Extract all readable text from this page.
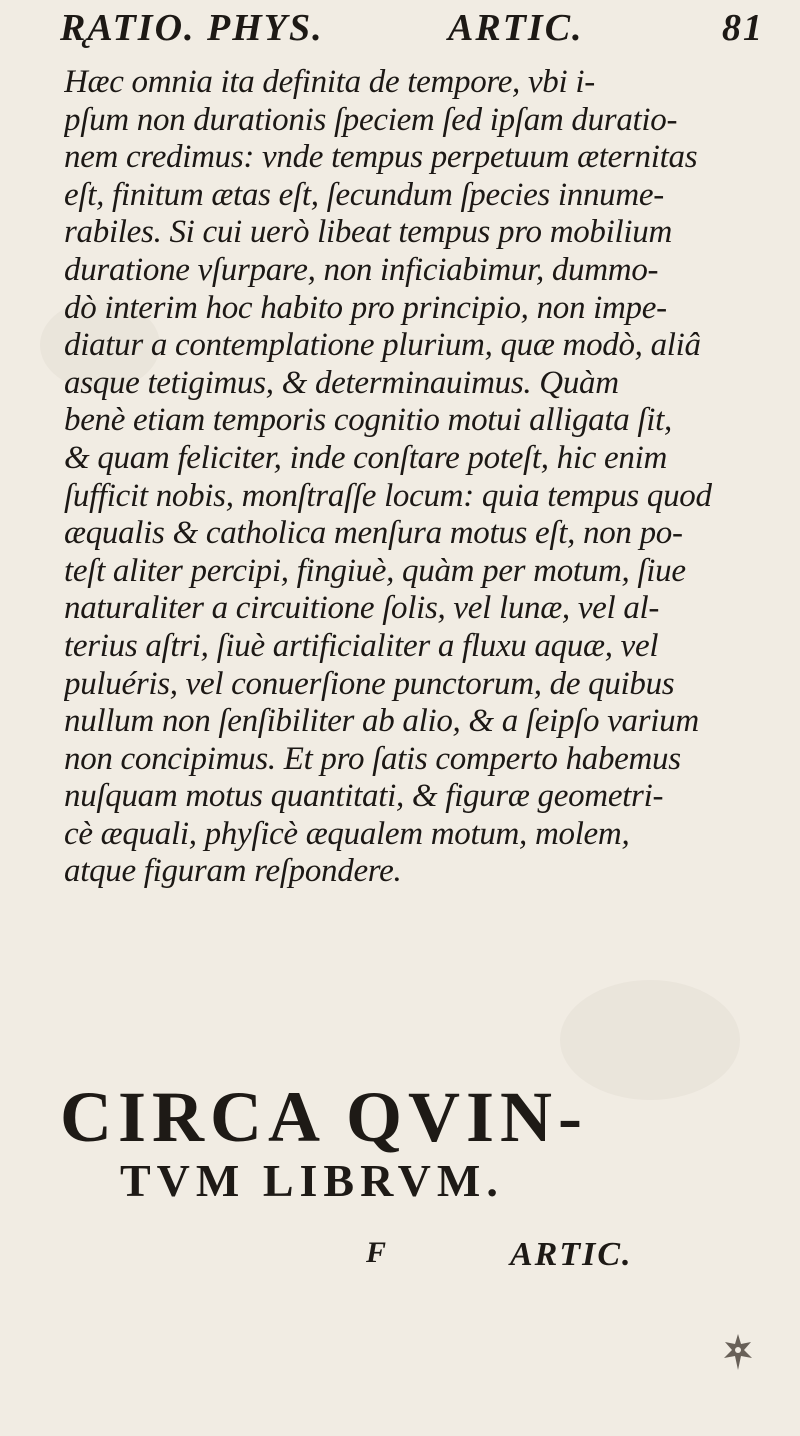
R̨ATIO. PHYS.	ARTIC.	81
Hæc omnia ita definita de tempore, vbi i-
pſum non durationis ſpeciem ſed ipſam duratio-
nem credimus: vnde tempus perpetuum æternitas
eſt, finitum ætas eſt, ſecundum ſpecies innume-
rabiles. Si cui uerò libeat tempus pro mobilium
duratione vſurpare, non inficiabimur, dummo-
dò interim hoc habito pro principio, non impe-
diatur a contemplatione plurium, quæ modò, aliâ
asque tetigimus, & determinauimus. Quàm
benè etiam temporis cognitio motui alligata ſit,
& quam feliciter, inde conſtare poteſt, hic enim
ſufficit nobis, monſtraſſe locum: quia tempus quod
æqualis & catholica menſura motus eſt, non po-
teſt aliter percipi, fingiuè, quàm per motum, ſiue
naturaliter a circuitione ſolis, vel lunæ, vel al-
terius aſtri, ſiuè artificialiter a fluxu aquæ, vel
puluéris, vel conuerſione punctorum, de quibus
nullum non ſenſibiliter ab alio, & a ſeipſo varium
non concipimus. Et pro ſatis comperto habemus
nuſquam motus quantitati, & figuræ geometri-
cè æquali, phyſicè æqualem motum, molem,
atque figuram reſpondere.
CIRCA QVIN-
TVM LIBRVM.
F	ARTIC.
